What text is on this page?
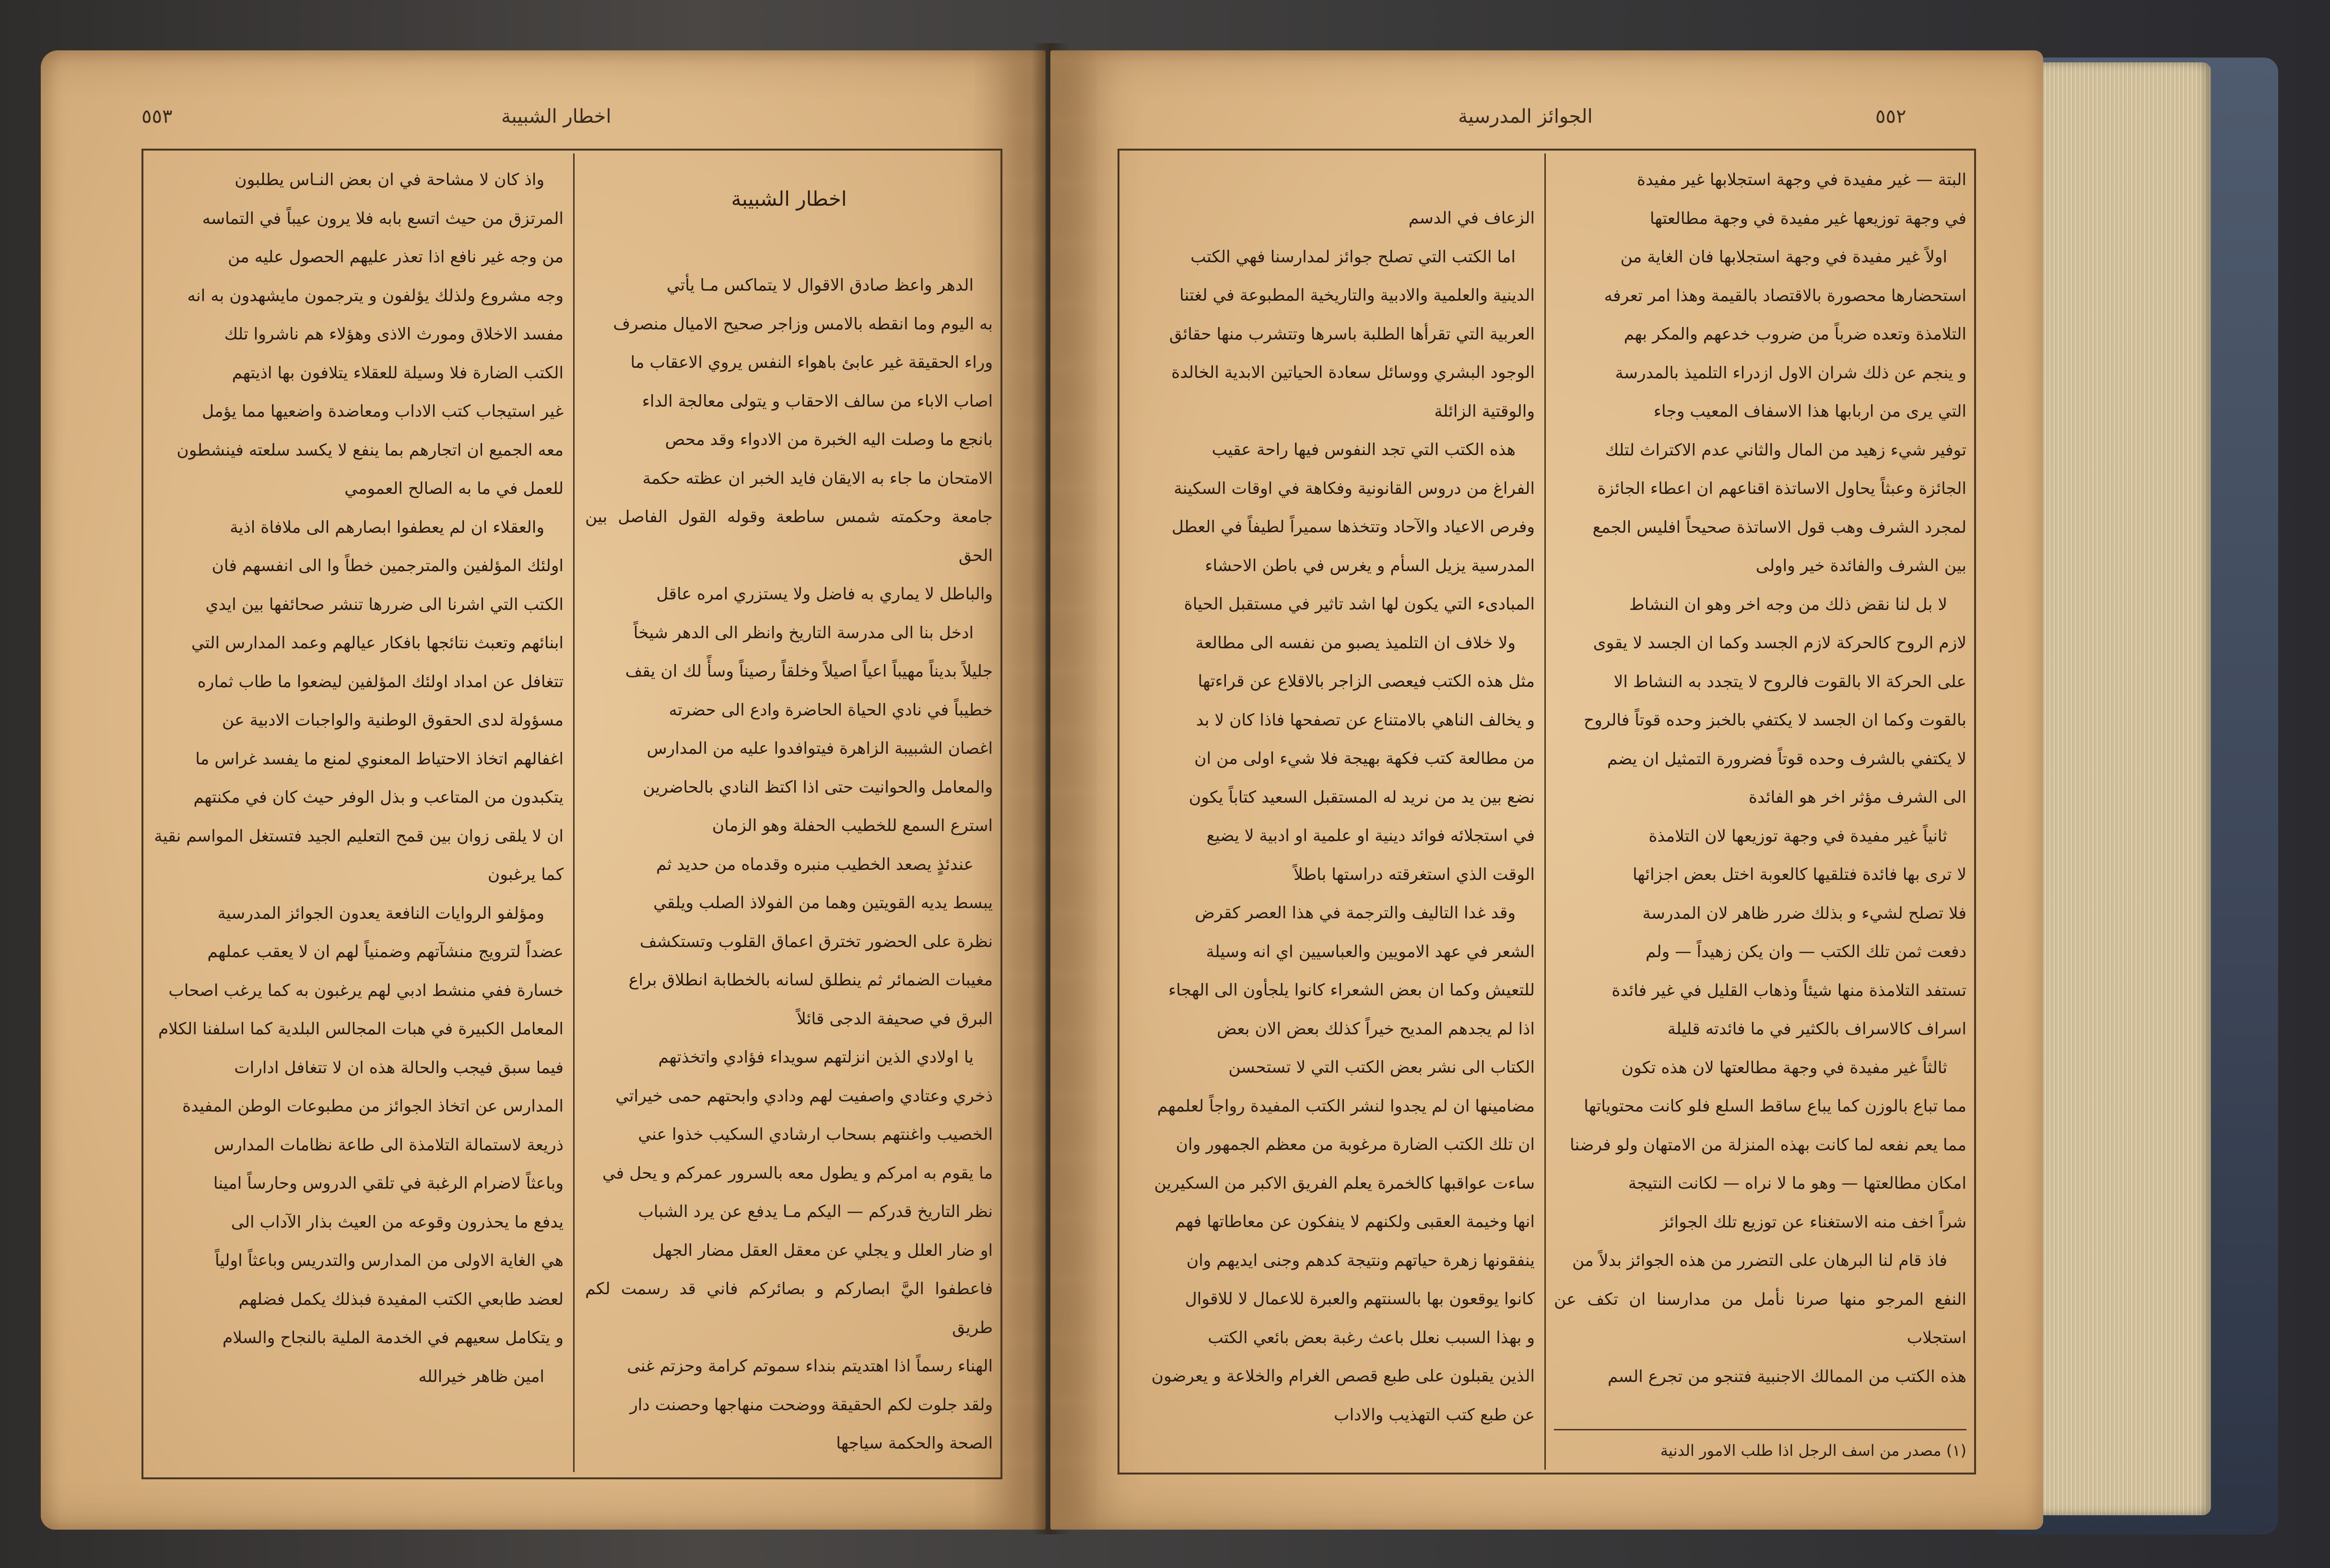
٥٥٣	اخطار الشبيبة

اخطار الشبيبة

الدهر واعظ صادق الاقوال لا يتماكس مـا يأتي

به اليوم وما انقطه بالامس وزاجر صحيح الاميال منصرف

وراء الحقيقة غير عابئ باهواء النفس يروي الاعقاب ما

اصاب الاباء من سالف الاحقاب و يتولى معالجة الداء

بانجع ما وصلت اليه الخبرة من الادواء وقد محص

الامتحان ما جاء به الايقان فايد الخبر ان عظته حكمة

جامعة وحكمته شمس ساطعة وقوله القول الفاصل بين الحق

والباطل لا يماري به فاضل ولا يستزري امره عاقل

ادخل بنا الى مدرسة التاريخ وانظر الى الدهر شيخاً

جليلاً بديناً مهيباً اعياً اصيلاً وخلقاً رصيناً وسأً لك ان يقف

خطيباً في نادي الحياة الحاضرة وادع الى حضرته

اغصان الشبيبة الزاهرة فيتوافدوا عليه من المدارس

والمعامل والحوانيت حتى اذا اكتظ النادي بالحاضرين

استرع السمع للخطيب الحفلة وهو الزمان

عندئذٍ يصعد الخطيب منبره وقدماه من حديد ثم

يبسط يديه القويتين وهما من الفولاذ الصلب ويلقي

نظرة على الحضور تخترق اعماق القلوب وتستكشف

مغيبات الضمائر ثم ينطلق لسانه بالخطابة انطلاق براع

البرق في صحيفة الدجى قائلاً

يا اولادي الذين انزلتهم سويداء فؤادي واتخذتهم

ذخري وعتادي واصفيت لهم ودادي وابحتهم حمى خيراتي

الخصيب واغنتهم بسحاب ارشادي السكيب خذوا عني

ما يقوم به امركم و يطول معه بالسرور عمركم و يحل في

نظر التاريخ قدركم — اليكم مـا يدفع عن يرد الشباب

او ضار العلل و يجلي عن معقل العقل مضار الجهل

فاعطفوا اليَّ ابصاركم و بصائركم فاني قد رسمت لكم طريق

الهناء رسماً اذا اهتديتم بنداء سموتم كرامة وحزتم غنى

ولقد جلوت لكم الحقيقة ووضحت منهاجها وحصنت دار

الصحة والحكمة سياجها

واذ كان لا مشاحة في ان بعض النـاس يطلبون

المرتزق من حيث اتسع بابه فلا يرون عيباً في التماسه

من وجه غير نافع اذا تعذر عليهم الحصول عليه من

وجه مشروع ولذلك يؤلفون و يترجمون مايشهدون به انه

مفسد الاخلاق ومورث الاذى وهؤلاء هم ناشروا تلك

الكتب الضارة فلا وسيلة للعقلاء يتلافون بها اذيتهم

غير استيجاب كتب الاداب ومعاضدة واضعيها مما يؤمل

معه الجميع ان اتجارهم بما ينفع لا يكسد سلعته فينشطون

للعمل في ما به الصالح العمومي

والعقلاء ان لم يعطفوا ابصارهم الى ملافاة اذية

اولئك المؤلفين والمترجمين خطاً وا الى انفسهم فان

الكتب التي اشرنا الى ضررها تنشر صحائفها بين ايدي

ابنائهم وتعبث نتائجها بافكار عيالهم وعمد المدارس التي

تتغافل عن امداد اولئك المؤلفين ليضعوا ما طاب ثماره

مسؤولة لدى الحقوق الوطنية والواجبات الادبية عن

اغفالهم اتخاذ الاحتياط المعنوي لمنع ما يفسد غراس ما

يتكبدون من المتاعب و بذل الوفر حيث كان في مكنتهم

ان لا يلقى زوان بين قمح التعليم الجيد فتستغل المواسم نقية

كما يرغبون

ومؤلفو الروايات النافعة يعدون الجوائز المدرسية

عضداً لترويج منشآتهم وضمنياً لهم ان لا يعقب عملهم

خسارة ففي منشط ادبي لهم يرغبون به كما يرغب اصحاب

المعامل الكبيرة في هبات المجالس البلدية كما اسلفنا الكلام

فيما سبق فيجب والحالة هذه ان لا تتغافل ادارات

المدارس عن اتخاذ الجوائز من مطبوعات الوطن المفيدة

ذريعة لاستمالة التلامذة الى طاعة نظامات المدارس

وباعثاً لاضرام الرغبة في تلقي الدروس وحارساً امينا

يدفع ما يحذرون وقوعه من العيث بذار الآداب الى

هي الغاية الاولى من المدارس والتدريس وباعثاً اولياً

لعضد طابعي الكتب المفيدة فبذلك يكمل فضلهم

و يتكامل سعيهم في الخدمة الملية بالنجاح والسلام

امين ظاهر خيرالله

الجوائز المدرسية	٥٥٢

البتة — غير مفيدة في وجهة استجلابها غير مفيدة

في وجهة توزيعها غير مفيدة في وجهة مطالعتها

اولاً غير مفيدة في وجهة استجلابها فان الغاية من

استحضارها محصورة بالاقتصاد بالقيمة وهذا امر تعرفه

التلامذة وتعده ضرباً من ضروب خدعهم والمكر بهم

و ينجم عن ذلك شران الاول ازدراء التلميذ بالمدرسة

التي يرى من اربابها هذا الاسفاف المعيب وجاء

توفير شيء زهيد من المال والثاني عدم الاكتراث لتلك

الجائزة وعبثاً يحاول الاساتذة اقناعهم ان اعطاء الجائزة

لمجرد الشرف وهب قول الاساتذة صحيحاً افليس الجمع

بين الشرف والفائدة خير واولى

لا بل لنا نقض ذلك من وجه اخر وهو ان النشاط

لازم الروح كالحركة لازم الجسد وكما ان الجسد لا يقوى

على الحركة الا بالقوت فالروح لا يتجدد به النشاط الا

بالقوت وكما ان الجسد لا يكتفي بالخبز وحده قوتاً فالروح

لا يكتفي بالشرف وحده قوتاً فضرورة التمثيل ان يضم

الى الشرف مؤثر اخر هو الفائدة

ثانياً غير مفيدة في وجهة توزيعها لان التلامذة

لا ترى بها فائدة فتلقيها كالعوبة اختل بعض اجزائها

فلا تصلح لشيء و بذلك ضرر ظاهر لان المدرسة

دفعت ثمن تلك الكتب — وان يكن زهيداً — ولم

تستفد التلامذة منها شيئاً وذهاب القليل في غير فائدة

اسراف كالاسراف بالكثير في ما فائدته قليلة

ثالثاً غير مفيدة في وجهة مطالعتها لان هذه تكون

مما تباع بالوزن كما يباع ساقط السلع فلو كانت محتوياتها

مما يعم نفعه لما كانت بهذه المنزلة من الامتهان ولو فرضنا

امكان مطالعتها — وهو ما لا نراه — لكانت النتيجة

شراً اخف منه الاستغناء عن توزيع تلك الجوائز

فاذ قام لنا البرهان على التضرر من هذه الجوائز بدلاً من

النفع المرجو منها صرنا نأمل من مدارسنا ان تكف عن استجلاب

هذه الكتب من الممالك الاجنبية فتنجو من تجرع السم

(١) مصدر من اسف الرجل اذا طلب الامور الدنية

الزعاف في الدسم

اما الكتب التي تصلح جوائز لمدارسنا فهي الكتب

الدينية والعلمية والادبية والتاريخية المطبوعة في لغتنا

العربية التي تقرأها الطلبة باسرها وتتشرب منها حقائق

الوجود البشري ووسائل سعادة الحياتين الابدية الخالدة

والوقتية الزائلة

هذه الكتب التي تجد النفوس فيها راحة عقيب

الفراغ من دروس القانونية وفكاهة في اوقات السكينة

وفرص الاعياد والآحاد وتتخذها سميراً لطيفاً في العطل

المدرسية يزيل السأم و يغرس في باطن الاحشاء

المبادىء التي يكون لها اشد تاثير في مستقبل الحياة

ولا خلاف ان التلميذ يصبو من نفسه الى مطالعة

مثل هذه الكتب فيعصى الزاجر بالاقلاع عن قراءتها

و يخالف الناهي بالامتناع عن تصفحها فاذا كان لا بد

من مطالعة كتب فكهة بهيجة فلا شيء اولى من ان

نضع بين يد من نريد له المستقبل السعيد كتاباً يكون

في استجلائه فوائد دينية او علمية او ادبية لا يضيع

الوقت الذي استغرقته دراستها باطلاً

وقد غدا التاليف والترجمة في هذا العصر كقرض

الشعر في عهد الامويين والعباسيين اي انه وسيلة

للتعيش وكما ان بعض الشعراء كانوا يلجأون الى الهجاء

اذا لم يجدهم المديح خيراً كذلك بعض الان بعض

الكتاب الى نشر بعض الكتب التي لا تستحسن

مضامينها ان لم يجدوا لنشر الكتب المفيدة رواجاً لعلمهم

ان تلك الكتب الضارة مرغوبة من معظم الجمهور وان

ساءت عواقبها كالخمرة يعلم الفريق الاكبر من السكيرين

انها وخيمة العقبى ولكنهم لا ينفكون عن معاطاتها فهم

ينفقونها زهرة حياتهم ونتيجة كدهم وجنى ايديهم وان

كانوا يوقعون بها بالسنتهم والعبرة للاعمال لا للاقوال

و بهذا السبب نعلل باعث رغبة بعض بائعي الكتب

الذين يقبلون على طبع قصص الغرام والخلاعة و يعرضون

عن طبع كتب التهذيب والاداب
